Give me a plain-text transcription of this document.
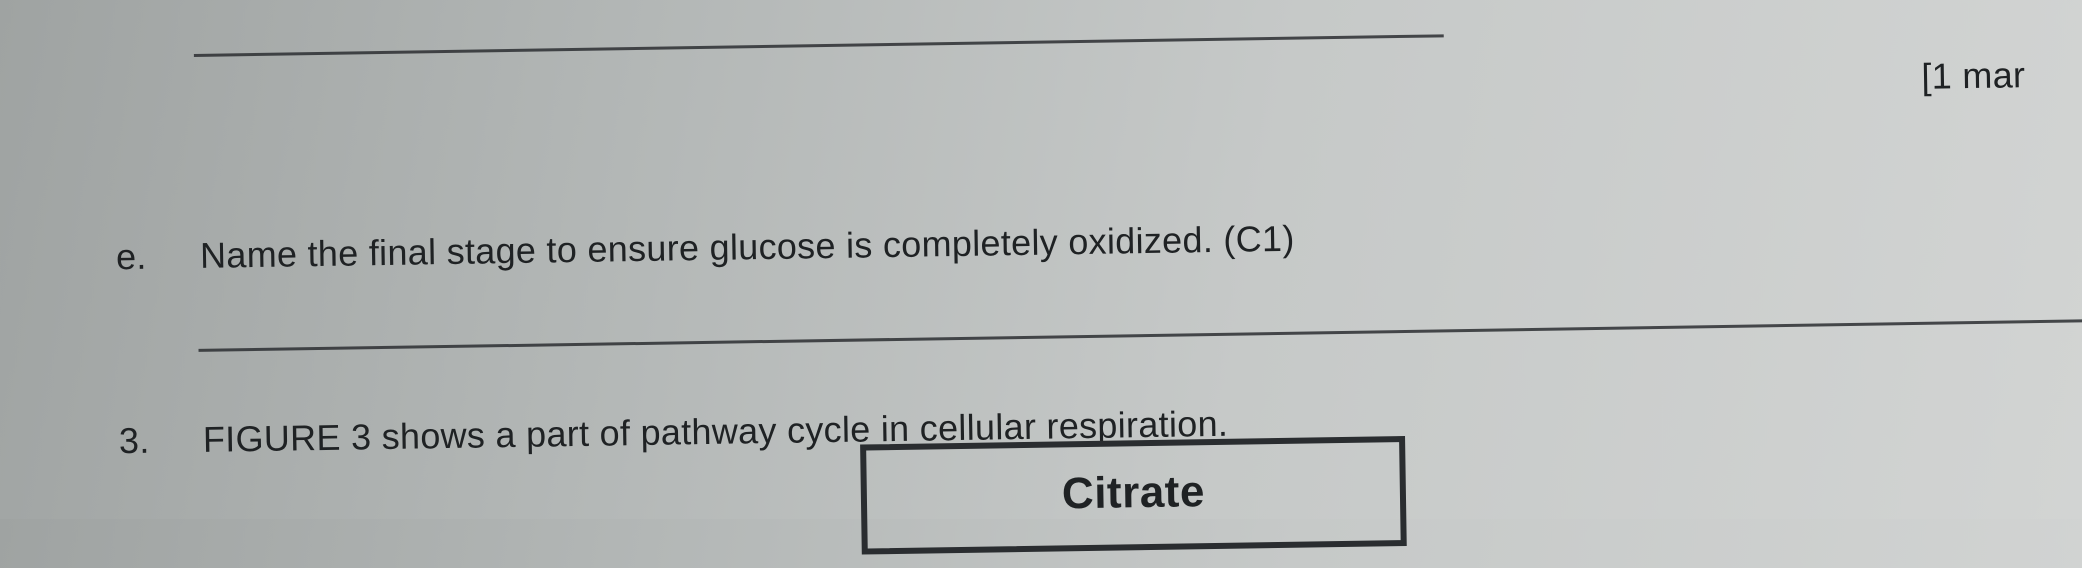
[1 mar
e. Name the final stage to ensure glucose is completely oxidized. (C1)
3. FIGURE 3 shows a part of pathway cycle in cellular respiration.
Citrate
